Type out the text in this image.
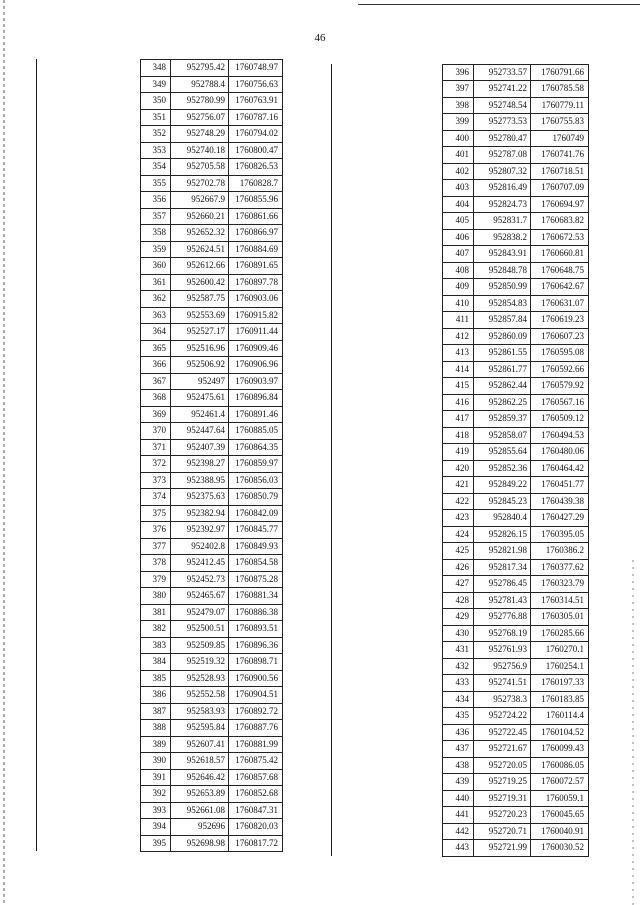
46
348	952795.42	1760748.97
349	952788.4	1760756.63
350	952780.99	1760763.91
351	952756.07	1760787.16
352	952748.29	1760794.02
353	952740.18	1760800.47
354	952705.58	1760826.53
355	952702.78	1760828.7
356	952667.9	1760855.96
357	952660.21	1760861.66
358	952652.32	1760866.97
359	952624.51	1760884.69
360	952612.66	1760891.65
361	952600.42	1760897.78
362	952587.75	1760903.06
363	952553.69	1760915.82
364	952527.17	1760911.44
365	952516.96	1760909.46
366	952506.92	1760906.96
367	952497	1760903.97
368	952475.61	1760896.84
369	952461.4	1760891.46
370	952447.64	1760885.05
371	952407.39	1760864.35
372	952398.27	1760859.97
373	952388.95	1760856.03
374	952375.63	1760850.79
375	952382.94	1760842.09
376	952392.97	1760845.77
377	952402.8	1760849.93
378	952412.45	1760854.58
379	952452.73	1760875.28
380	952465.67	1760881.34
381	952479.07	1760886.38
382	952500.51	1760893.51
383	952509.85	1760896.36
384	952519.32	1760898.71
385	952528.93	1760900.56
386	952552.58	1760904.51
387	952583.93	1760892.72
388	952595.84	1760887.76
389	952607.41	1760881.99
390	952618.57	1760875.42
391	952646.42	1760857.68
392	952653.89	1760852.68
393	952661.08	1760847.31
394	952696	1760820.03
395	952698.98	1760817.72
396	952733.57	1760791.66
397	952741.22	1760785.58
398	952748.54	1760779.11
399	952773.53	1760755.83
400	952780.47	1760749
401	952787.08	1760741.76
402	952807.32	1760718.51
403	952816.49	1760707.09
404	952824.73	1760694.97
405	952831.7	1760683.82
406	952838.2	1760672.53
407	952843.91	1760660.81
408	952848.78	1760648.75
409	952850.99	1760642.67
410	952854.83	1760631.07
411	952857.84	1760619.23
412	952860.09	1760607.23
413	952861.55	1760595.08
414	952861.77	1760592.66
415	952862.44	1760579.92
416	952862.25	1760567.16
417	952859.37	1760509.12
418	952858.07	1760494.53
419	952855.64	1760480.06
420	952852.36	1760464.42
421	952849.22	1760451.77
422	952845.23	1760439.38
423	952840.4	1760427.29
424	952826.15	1760395.05
425	952821.98	1760386.2
426	952817.34	1760377.62
427	952786.45	1760323.79
428	952781.43	1760314.51
429	952776.88	1760305.01
430	952768.19	1760285.66
431	952761.93	1760270.1
432	952756.9	1760254.1
433	952741.51	1760197.33
434	952738.3	1760183.85
435	952724.22	1760114.4
436	952722.45	1760104.52
437	952721.67	1760099.43
438	952720.05	1760086.05
439	952719.25	1760072.57
440	952719.31	1760059.1
441	952720.23	1760045.65
442	952720.71	1760040.91
443	952721.99	1760030.52
